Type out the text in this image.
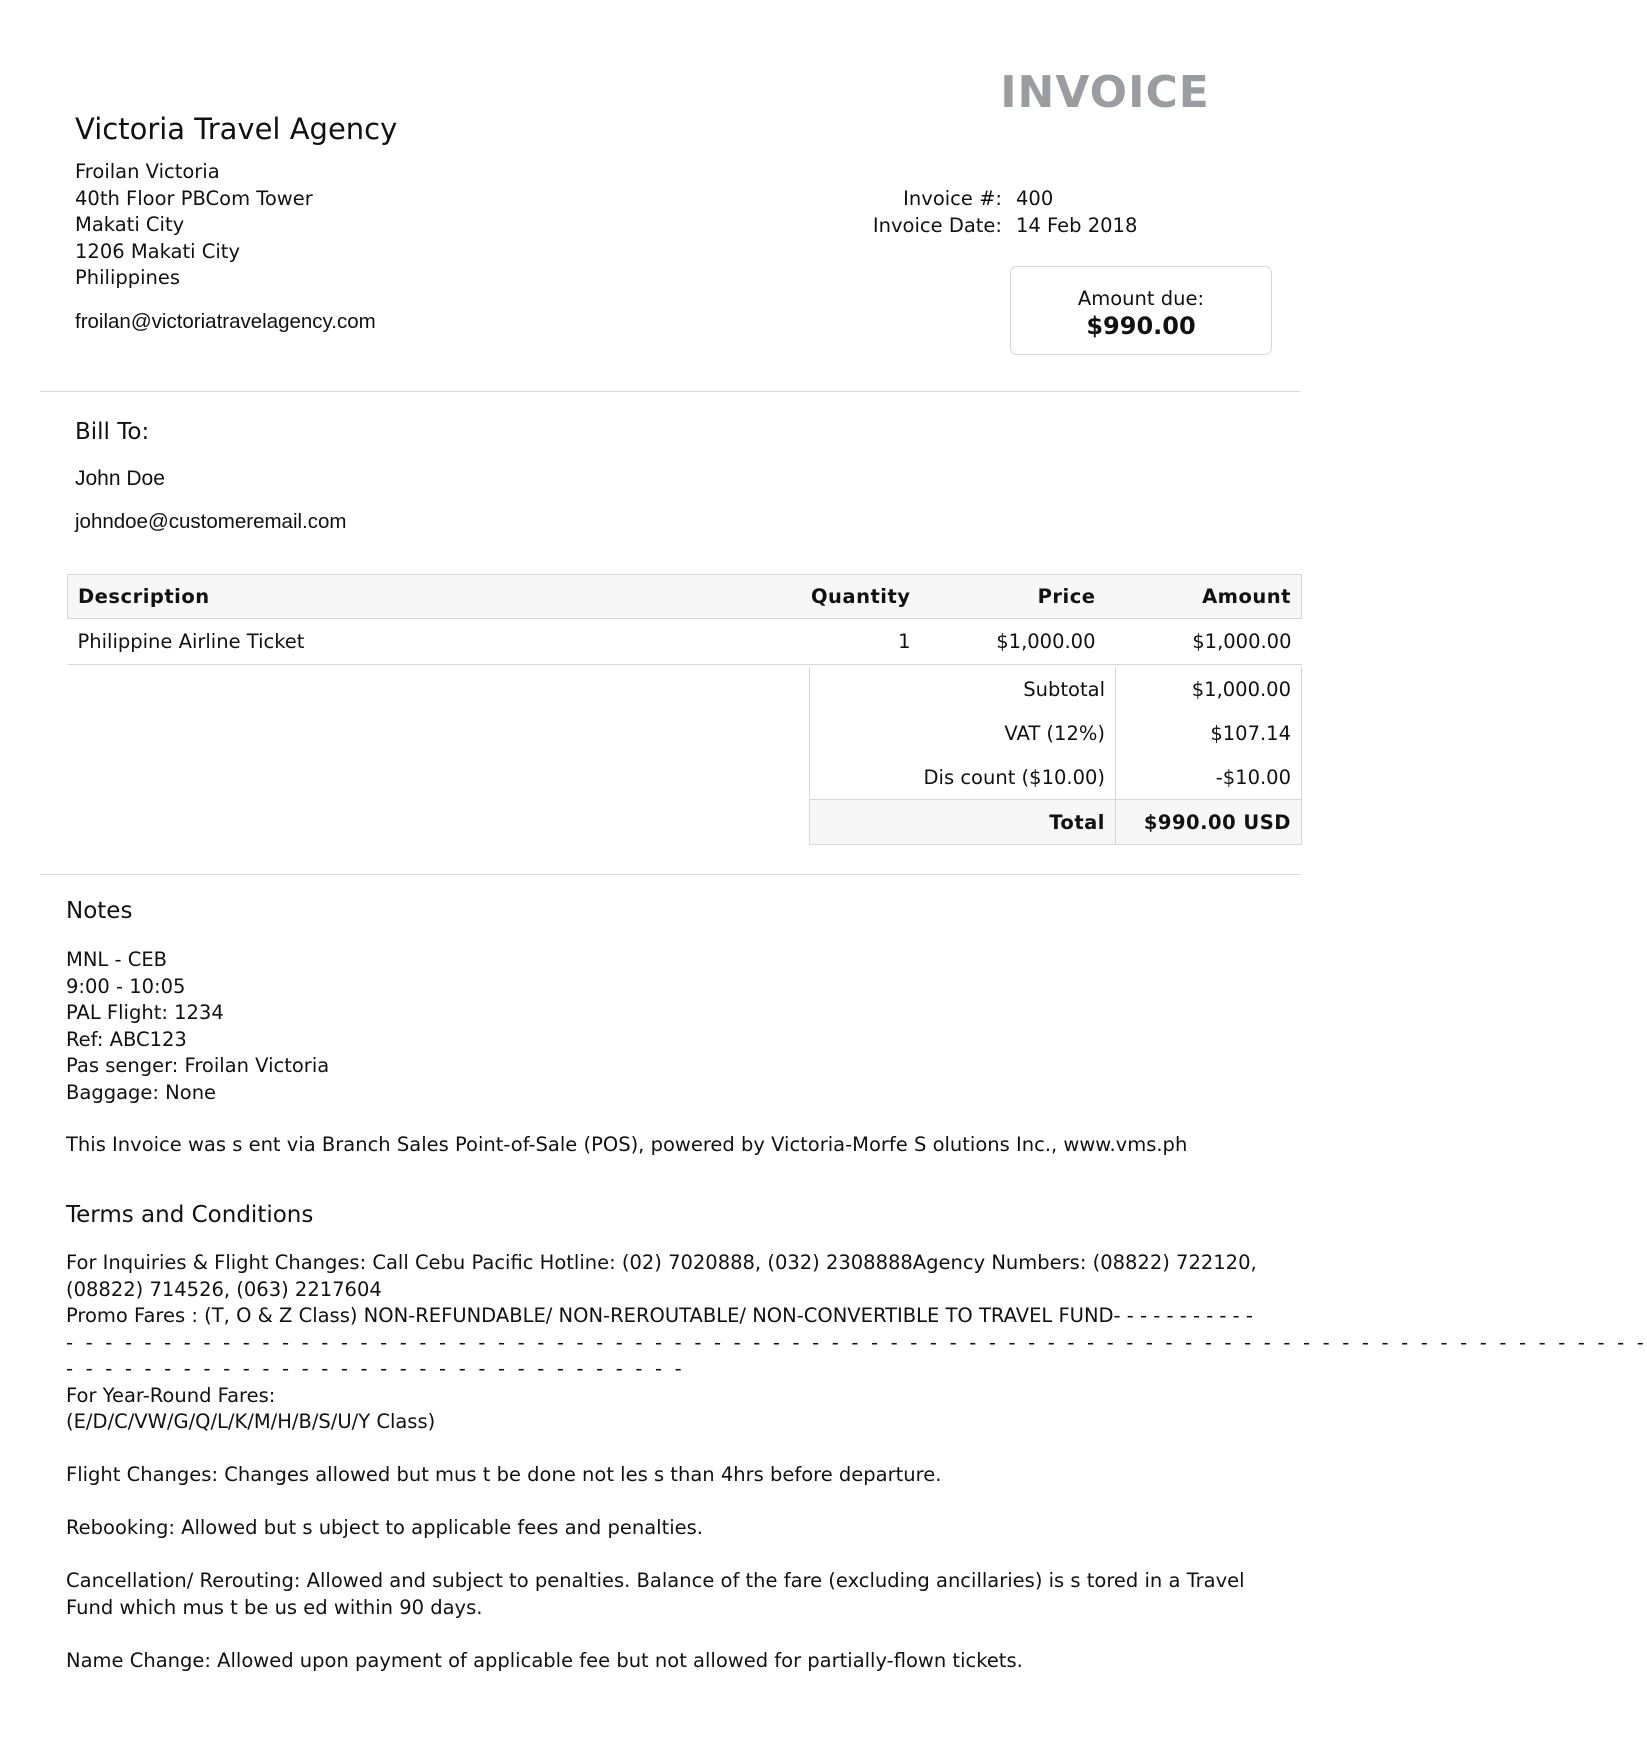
INVOICE
Victoria Travel Agency
Froilan Victoria
40th Floor PBCom Tower
Makati City
1206 Makati City
Philippines
froilan@victoriatravelagency.com
Invoice #: 400
Invoice Date: 14 Feb 2018
Amount due:
$990.00
Bill To:
John Doe
johndoe@customeremail.com
Description	Quantity	Price	Amount
Philippine Airline Ticket	1	$1,000.00	$1,000.00
Subtotal	$1,000.00
VAT (12%)	$107.14
Dis count ($10.00)	-$10.00
Total	$990.00 USD
Notes
MNL - CEB
9:00 - 10:05
PAL Flight: 1234
Ref: ABC123
Pas senger: Froilan Victoria
Baggage: None
This Invoice was s ent via Branch Sales Point-of-Sale (POS), powered by Victoria-Morfe S olutions Inc., www.vms.ph
Terms and Conditions
For Inquiries & Flight Changes: Call Cebu Pacific Hotline: (02) 7020888, (032) 2308888Agency Numbers: (08822) 722120,
(08822) 714526, (063) 2217604
Promo Fares : (T, O & Z Class) NON-REFUNDABLE/ NON-REROUTABLE/ NON-CONVERTIBLE TO TRAVEL FUND- - - - - - - - - - -
- - - - - - - - - - - - - - - - - - - - - - - - - - - - - - - - - - - - - - - - - - - - - - - - - - - - - - - - - - - - - - - - - - - - - - - - - - - - - - - - -
- - - - - - - - - - - - - - - - - - - - - - - - - - - - - - - -
For Year-Round Fares:

(E/D/C/VW/G/Q/L/K/M/H/B/S/U/Y Class)

Flight Changes: Changes allowed but mus t be done not les s than 4hrs before departure.

Rebooking: Allowed but s ubject to applicable fees and penalties.

Cancellation/ Rerouting: Allowed and subject to penalties. Balance of the fare (excluding ancillaries) is s tored in a Travel

Fund which mus t be us ed within 90 days.

Name Change: Allowed upon payment of applicable fee but not allowed for partially-flown tickets.
